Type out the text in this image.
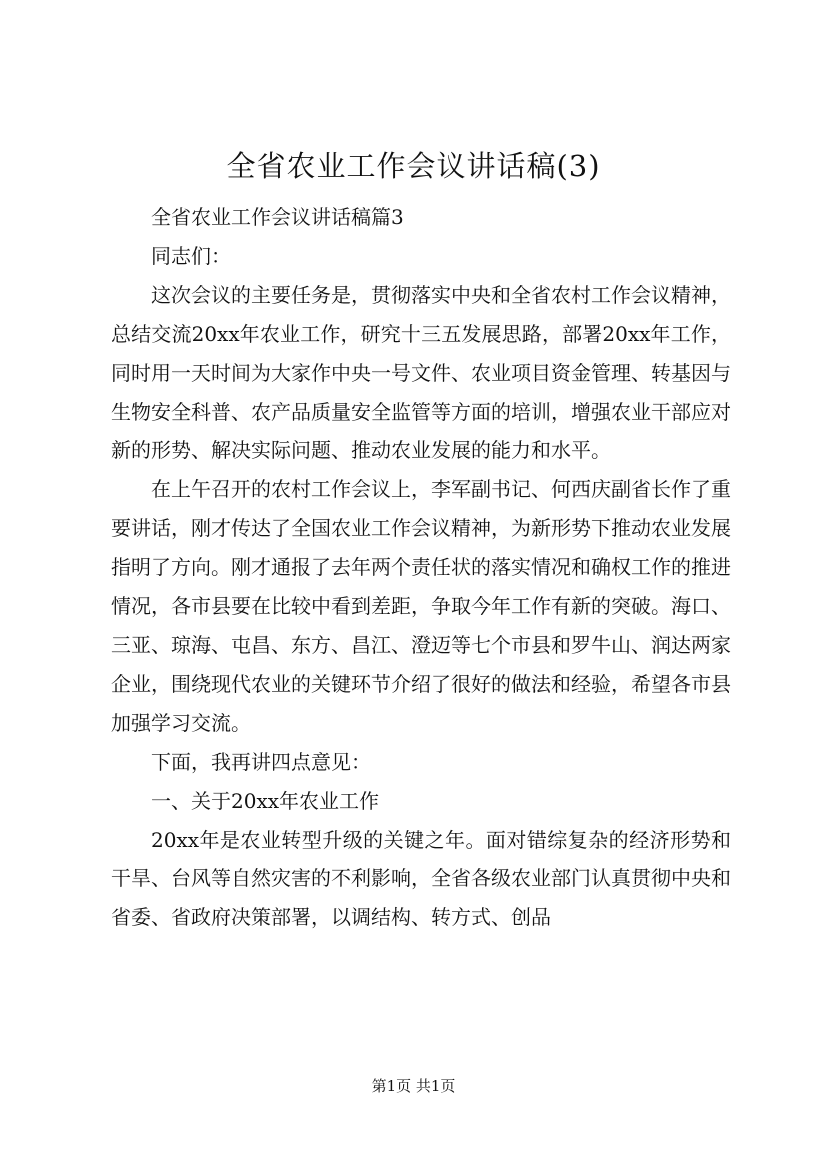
全省农业工作会议讲话稿(3)

全省农业工作会议讲话稿篇3

同志们：

这次会议的主要任务是，贯彻落实中央和全省农村工作会议精神，总结交流20xx年农业工作，研究十三五发展思路，部署20xx年工作，同时用一天时间为大家作中央一号文件、农业项目资金管理、转基因与生物安全科普、农产品质量安全监管等方面的培训，增强农业干部应对新的形势、解决实际问题、推动农业发展的能力和水平。

在上午召开的农村工作会议上，李军副书记、何西庆副省长作了重要讲话，刚才传达了全国农业工作会议精神，为新形势下推动农业发展指明了方向。刚才通报了去年两个责任状的落实情况和确权工作的推进情况，各市县要在比较中看到差距，争取今年工作有新的突破。海口、三亚、琼海、屯昌、东方、昌江、澄迈等七个市县和罗牛山、润达两家企业，围绕现代农业的关键环节介绍了很好的做法和经验，希望各市县加强学习交流。

下面，我再讲四点意见：

一、关于20xx年农业工作

20xx年是农业转型升级的关键之年。面对错综复杂的经济形势和干旱、台风等自然灾害的不利影响，全省各级农业部门认真贯彻中央和省委、省政府决策部署，以调结构、转方式、创品

第1页 共1页
